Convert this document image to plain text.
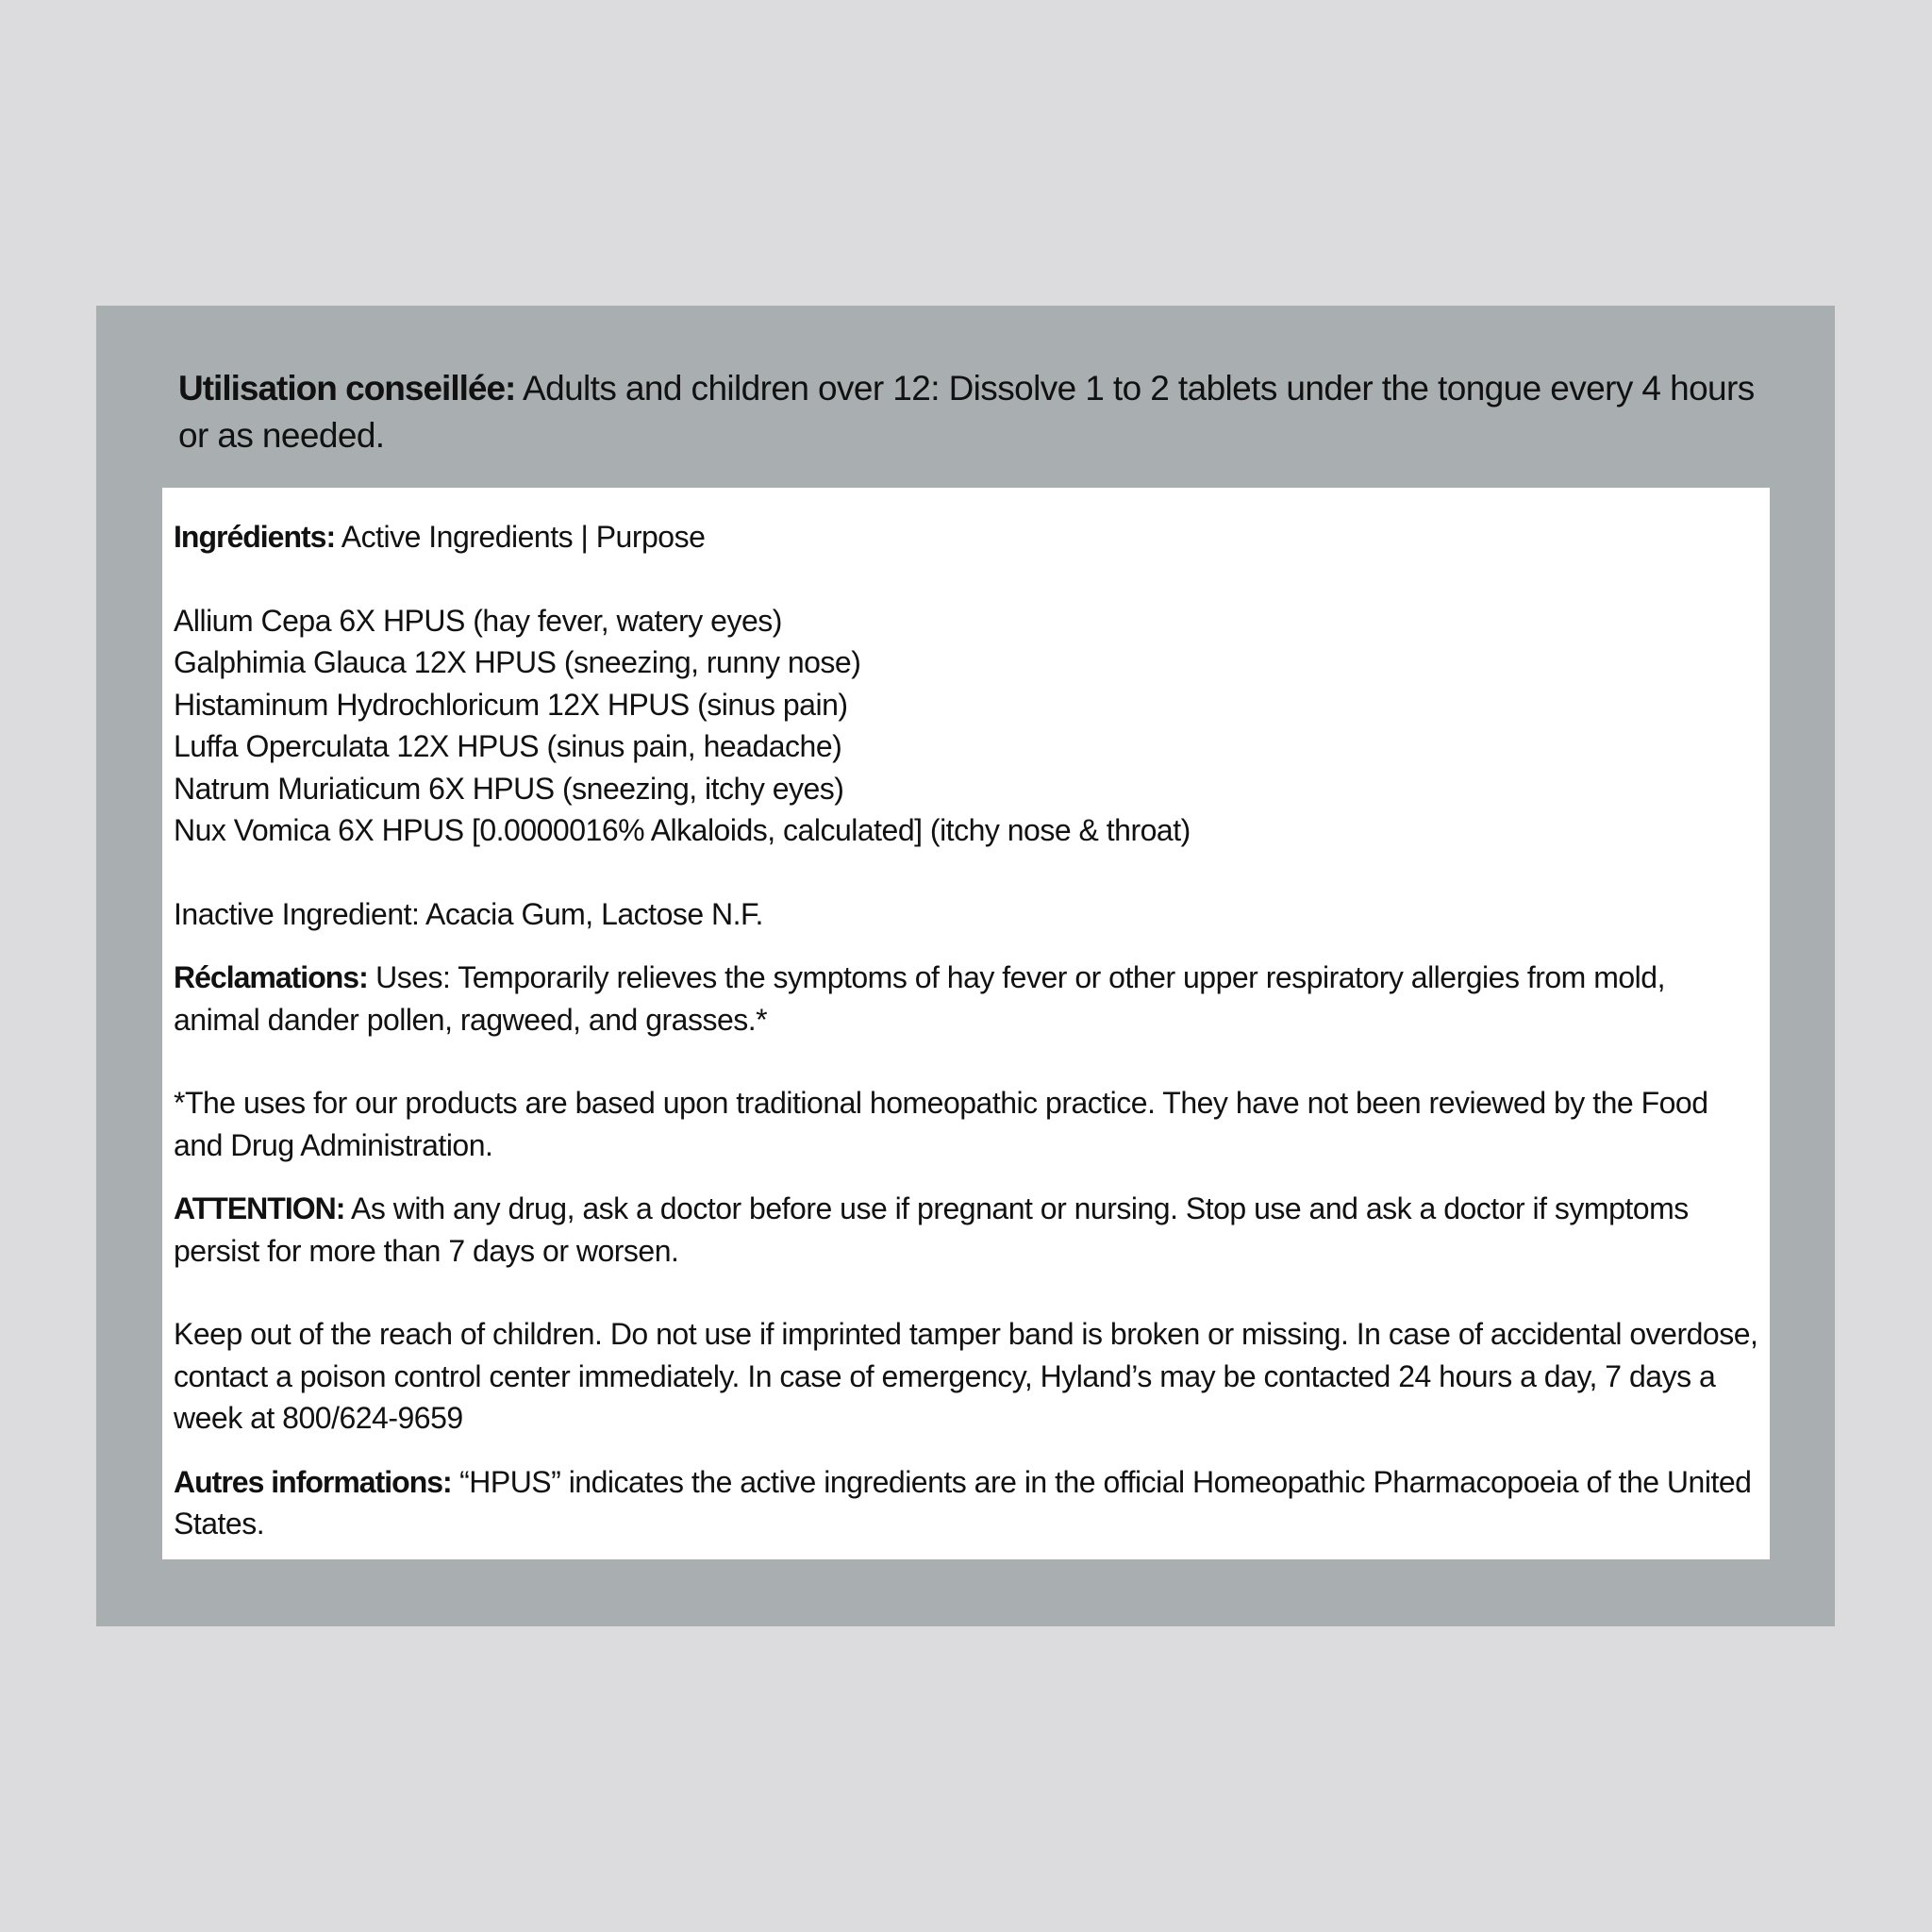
Utilisation conseillée: Adults and children over 12: Dissolve 1 to 2 tablets under the tongue every 4 hours or as needed.

Ingrédients: Active Ingredients | Purpose

Allium Cepa 6X HPUS (hay fever, watery eyes)
Galphimia Glauca 12X HPUS (sneezing, runny nose)
Histaminum Hydrochloricum 12X HPUS (sinus pain)
Luffa Operculata 12X HPUS (sinus pain, headache)
Natrum Muriaticum 6X HPUS (sneezing, itchy eyes)
Nux Vomica 6X HPUS [0.0000016% Alkaloids, calculated] (itchy nose & throat)

Inactive Ingredient: Acacia Gum, Lactose N.F.

Réclamations: Uses: Temporarily relieves the symptoms of hay fever or other upper respiratory allergies from mold, animal dander pollen, ragweed, and grasses.*

*The uses for our products are based upon traditional homeopathic practice. They have not been reviewed by the Food and Drug Administration.

ATTENTION: As with any drug, ask a doctor before use if pregnant or nursing. Stop use and ask a doctor if symptoms persist for more than 7 days or worsen.

Keep out of the reach of children. Do not use if imprinted tamper band is broken or missing. In case of accidental overdose, contact a poison control center immediately. In case of emergency, Hyland’s may be contacted 24 hours a day, 7 days a week at 800/624-9659

Autres informations: “HPUS” indicates the active ingredients are in the official Homeopathic Pharmacopoeia of the United States.
